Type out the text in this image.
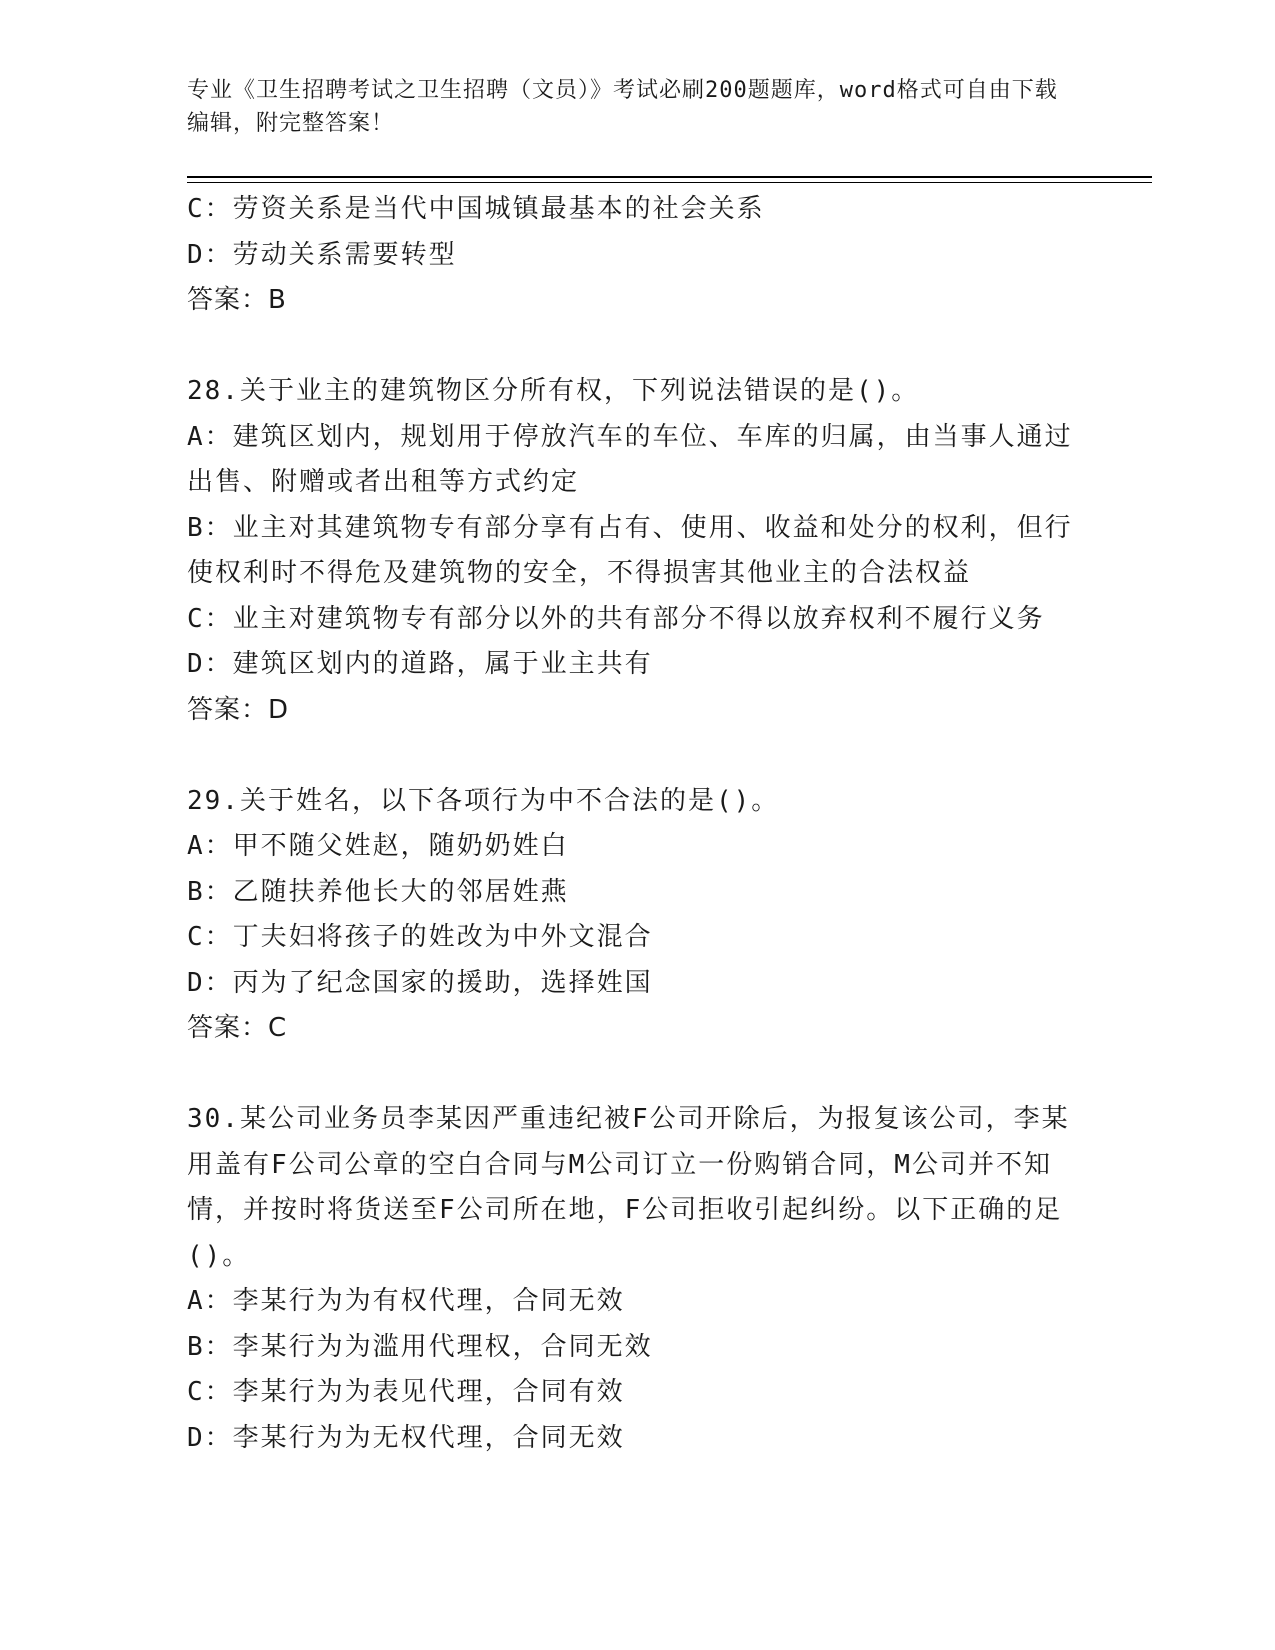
专业《卫生招聘考试之卫生招聘（文员）》考试必刷200题题库，word格式可自由下载编辑，附完整答案！
C：劳资关系是当代中国城镇最基本的社会关系
D：劳动关系需要转型
答案：B
28.关于业主的建筑物区分所有权，下列说法错误的是()。
A：建筑区划内，规划用于停放汽车的车位、车库的归属，由当事人通过出售、附赠或者出租等方式约定
B：业主对其建筑物专有部分享有占有、使用、收益和处分的权利，但行使权利时不得危及建筑物的安全，不得损害其他业主的合法权益
C：业主对建筑物专有部分以外的共有部分不得以放弃权利不履行义务
D：建筑区划内的道路，属于业主共有
答案：D
29.关于姓名，以下各项行为中不合法的是()。
A：甲不随父姓赵，随奶奶姓白
B：乙随扶养他长大的邻居姓燕
C：丁夫妇将孩子的姓改为中外文混合
D：丙为了纪念国家的援助，选择姓国
答案：C
30.某公司业务员李某因严重违纪被F公司开除后，为报复该公司，李某用盖有F公司公章的空白合同与M公司订立一份购销合同，M公司并不知情，并按时将货送至F公司所在地，F公司拒收引起纠纷。以下正确的足()。
A：李某行为为有权代理，合同无效
B：李某行为为滥用代理权，合同无效
C：李某行为为表见代理，合同有效
D：李某行为为无权代理，合同无效
